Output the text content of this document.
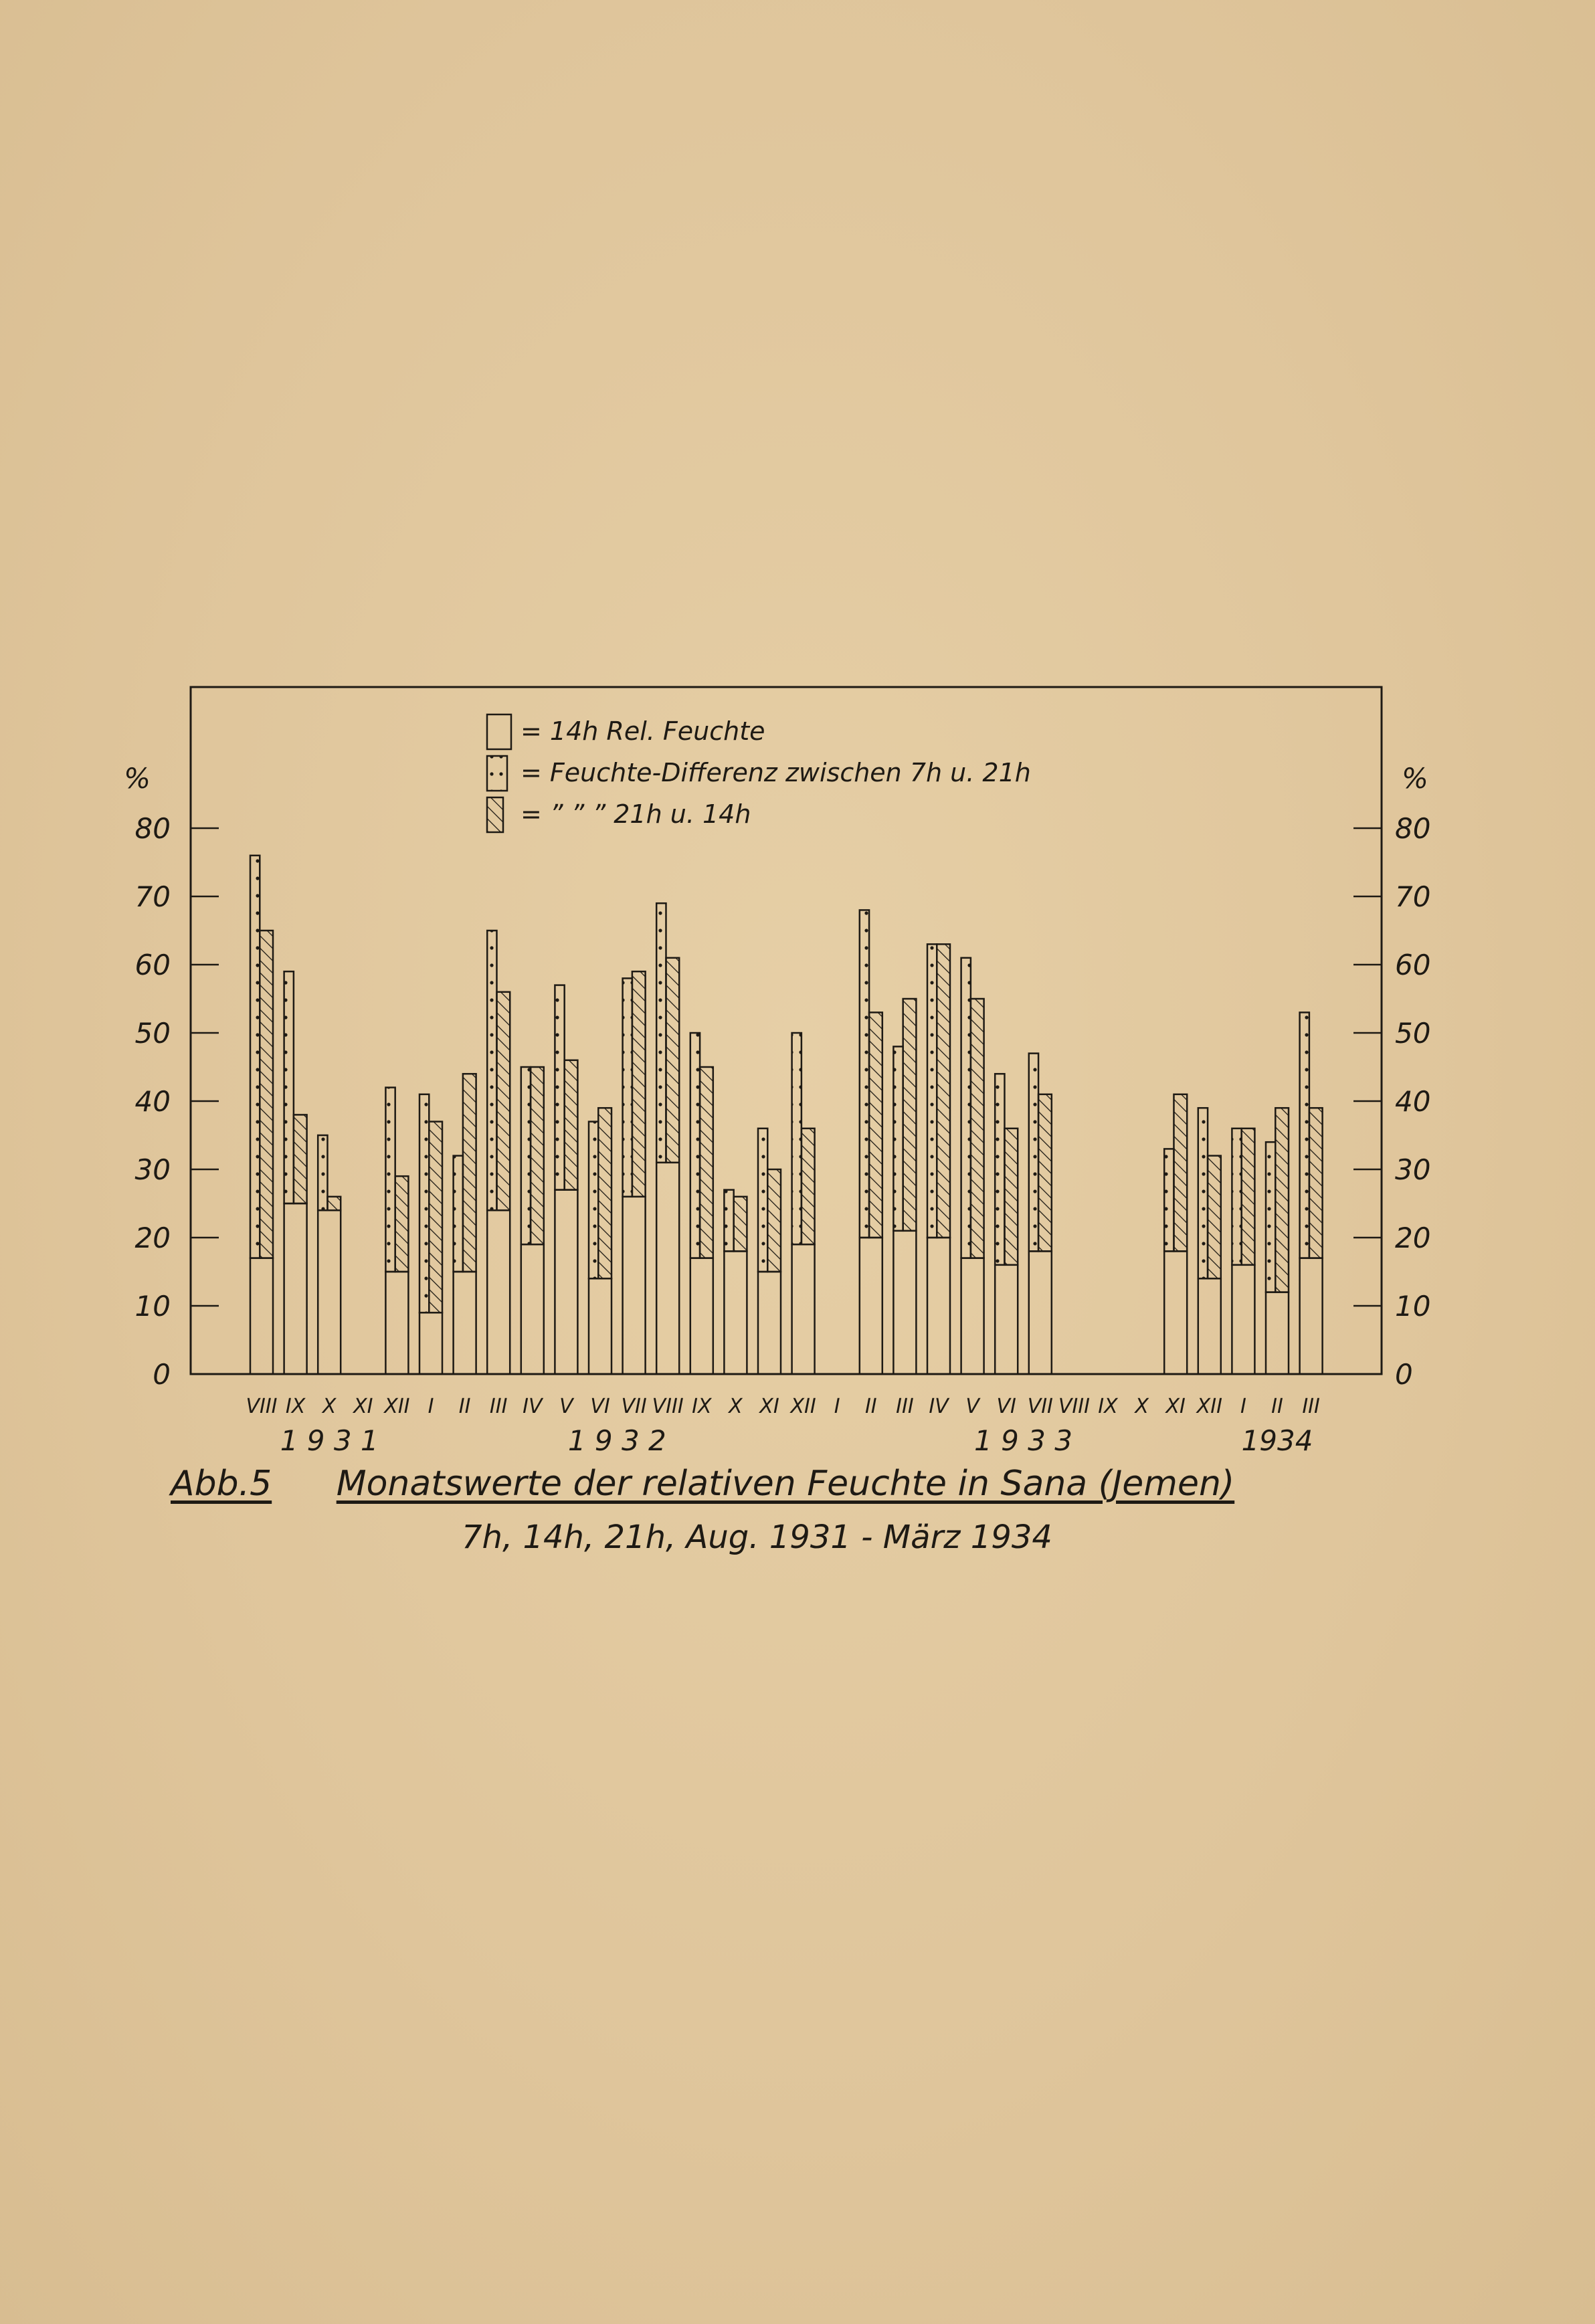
0	0
10	10
20	20
30	30
40	40
50	50
60	60
70	70
80	80
%	%
VIII IX X XI XII I II III IV V VI VII VIII IX X XI XII I II III IV V VI VII VIII IX X XI XII I II III
1 9 3 1	1 9 3 2	1 9 3 3	1934
= 14h Rel. Feuchte
= Feuchte-Differenz zwischen 7h u. 21h
= ” ” ” 21h u. 14h
Abb.5 Monatswerte der relativen Feuchte in Sana (Jemen)
7h, 14h, 21h, Aug. 1931 - März 1934
